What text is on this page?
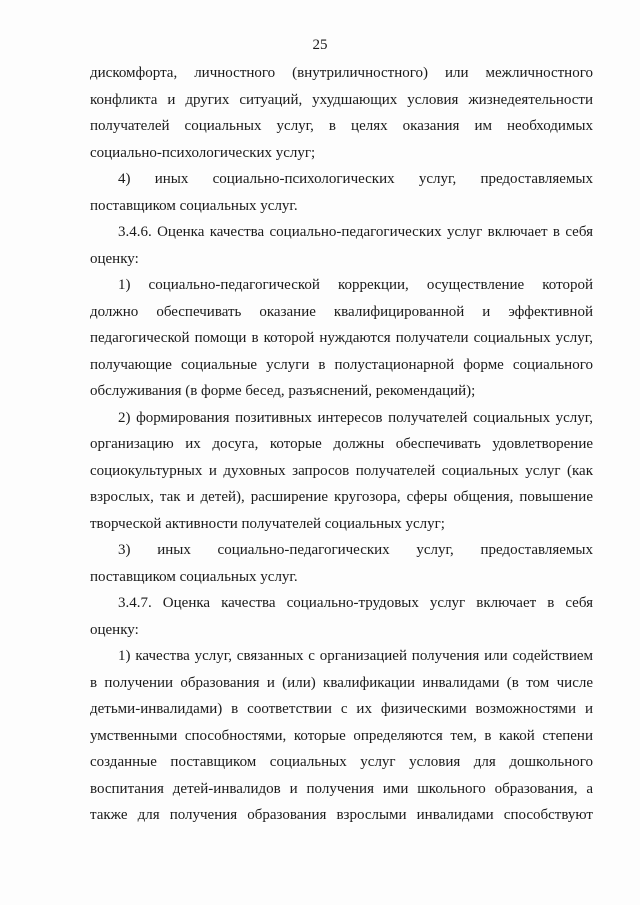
25

дискомфорта, личностного (внутриличностного) или межличностного
конфликта и других ситуаций, ухудшающих условия жизнедеятельности
получателей социальных услуг, в целях оказания им необходимых
социально-психологических услуг;

4) иных социально-психологических услуг, предоставляемых
поставщиком социальных услуг.

3.4.6. Оценка качества социально-педагогических услуг включает в себя
оценку:

1) социально-педагогической коррекции, осуществление которой
должно обеспечивать оказание квалифицированной и эффективной
педагогической помощи в которой нуждаются получатели социальных услуг,
получающие социальные услуги в полустационарной форме социального
обслуживания (в форме бесед, разъяснений, рекомендаций);

2) формирования позитивных интересов получателей социальных услуг,
организацию их досуга, которые должны обеспечивать удовлетворение
социокультурных и духовных запросов получателей социальных услуг (как
взрослых, так и детей), расширение кругозора, сферы общения, повышение
творческой активности получателей социальных услуг;

3) иных социально-педагогических услуг, предоставляемых
поставщиком социальных услуг.

3.4.7. Оценка качества социально-трудовых услуг включает в себя
оценку:

1) качества услуг, связанных с организацией получения или содействием
в получении образования и (или) квалификации инвалидами (в том числе
детьми-инвалидами) в соответствии с их физическими возможностями и
умственными способностями, которые определяются тем, в какой степени
созданные поставщиком социальных услуг условия для дошкольного
воспитания детей-инвалидов и получения ими школьного образования, а
также для получения образования взрослыми инвалидами способствуют
